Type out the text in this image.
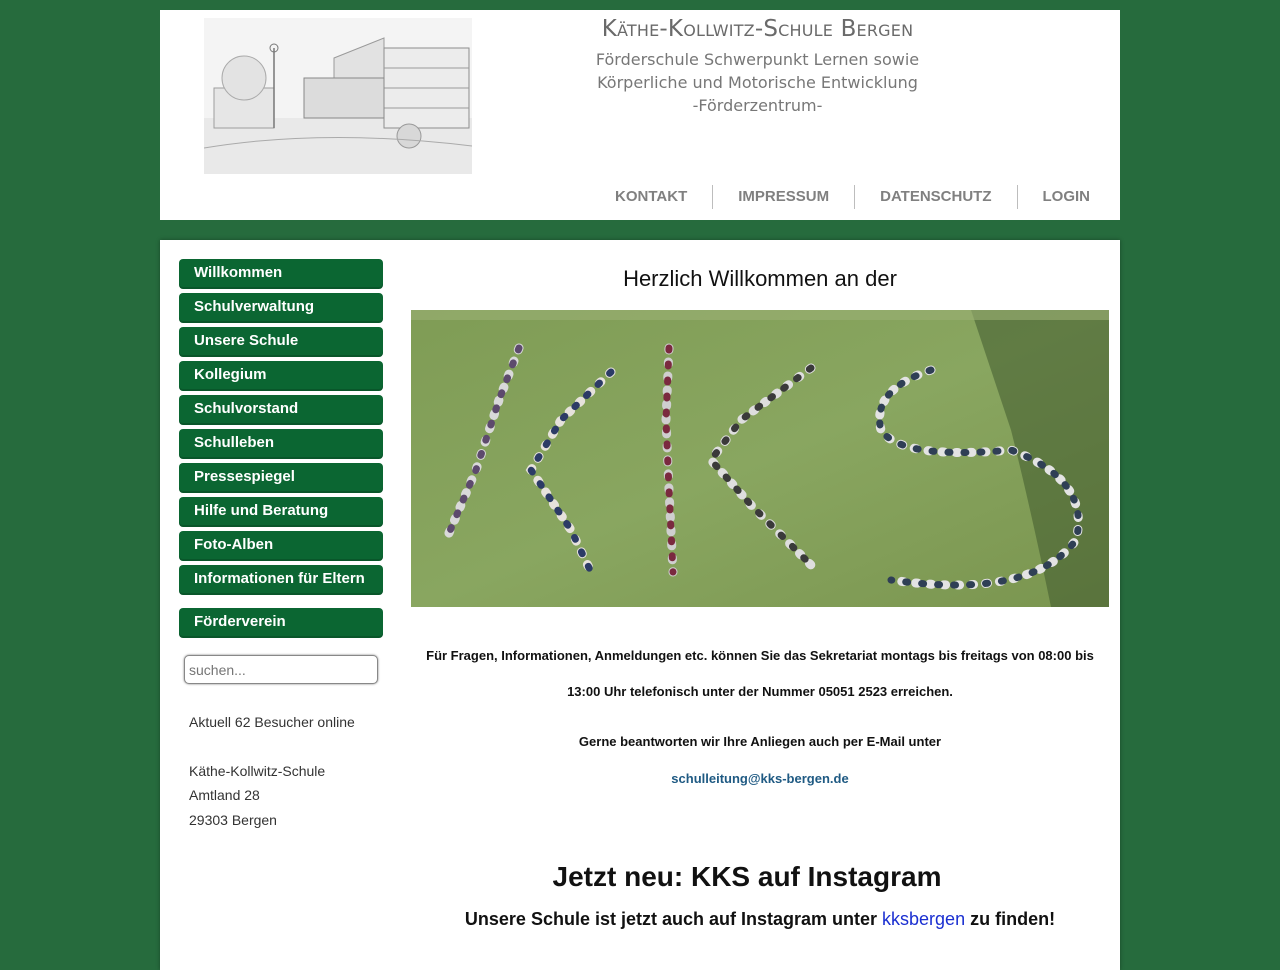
Käthe-Kollwitz-Schule Bergen
Förderschule Schwerpunkt Lernen sowie
Körperliche und Motorische Entwicklung
-Förderzentrum-
KONTAKT	IMPRESSUM	DATENSCHUTZ	LOGIN
Willkommen
Schulverwaltung
Unsere Schule
Kollegium
Schulvorstand
Schulleben
Pressespiegel
Hilfe und Beratung
Foto-Alben
Informationen für Eltern
Förderverein
suchen...
Aktuell 62 Besucher online
Käthe-Kollwitz-Schule
Amtland 28
29303 Bergen
Herzlich Willkommen an der
Für Fragen, Informationen, Anmeldungen etc. können Sie das Sekretariat montags bis freitags von 08:00 bis
13:00 Uhr telefonisch unter der Nummer 05051 2523 erreichen.
Gerne beantworten wir Ihre Anliegen auch per E-Mail unter
schulleitung@kks-bergen.de
Jetzt neu: KKS auf Instagram
Unsere Schule ist jetzt auch auf Instagram unter kksbergen zu finden!
